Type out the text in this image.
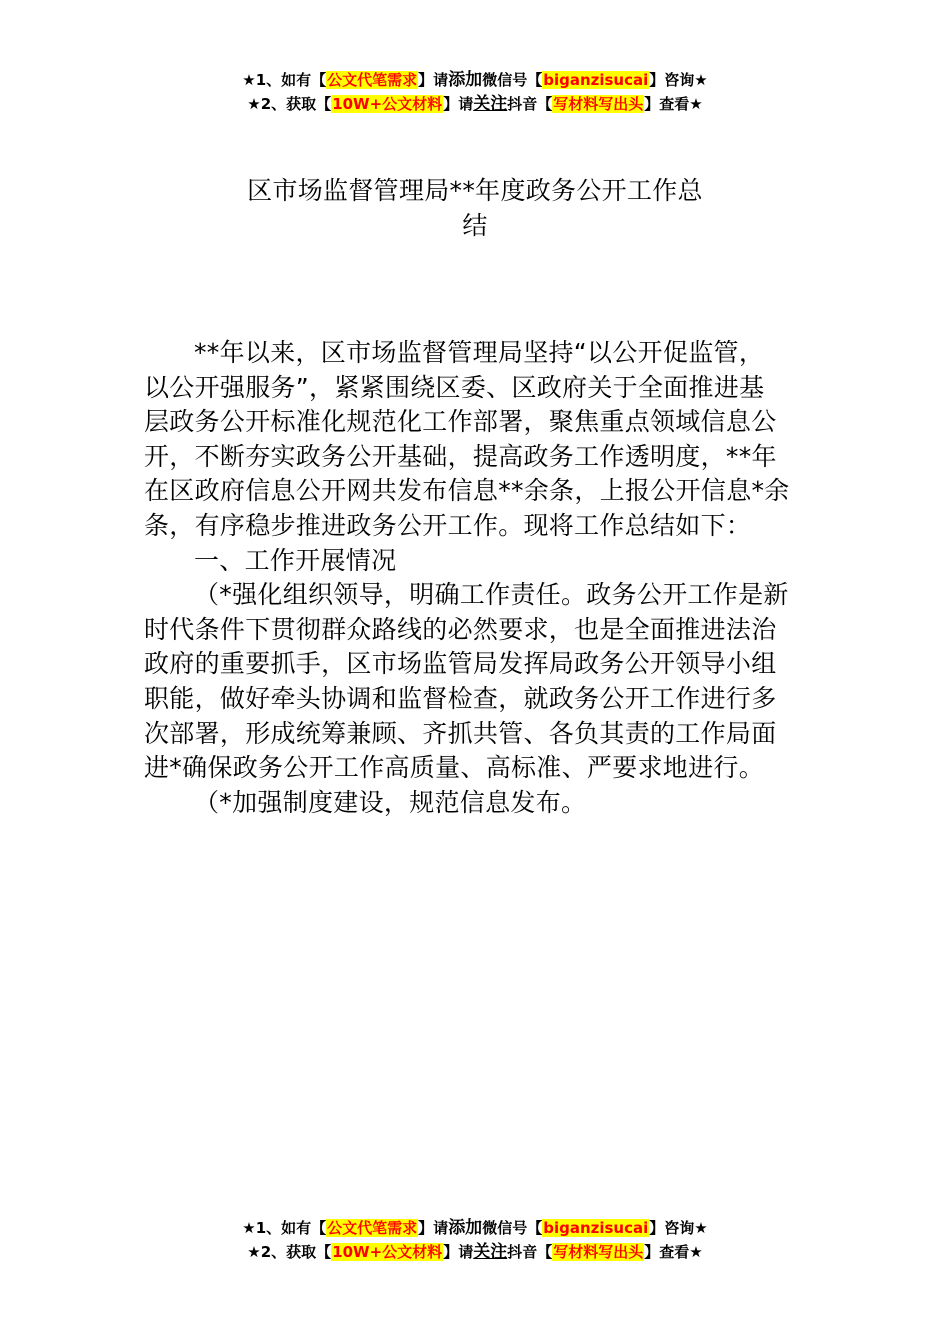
★1、如有【公文代笔需求】请添加微信号【biganzisucai】咨询★
★2、获取【10W+公文材料】请关注抖音【写材料写出头】查看★
区市场监督管理局**年度政务公开工作总
结
**年以来，区市场监督管理局坚持“以公开促监管，
以公开强服务”，紧紧围绕区委、区政府关于全面推进基
层政务公开标准化规范化工作部署，聚焦重点领域信息公
开，不断夯实政务公开基础，提高政务工作透明度，**年
在区政府信息公开网共发布信息**余条，上报公开信息*余
条，有序稳步推进政务公开工作。现将工作总结如下：
一、工作开展情况
（*强化组织领导，明确工作责任。政务公开工作是新
时代条件下贯彻群众路线的必然要求，也是全面推进法治
政府的重要抓手，区市场监管局发挥局政务公开领导小组
职能，做好牵头协调和监督检查，就政务公开工作进行多
次部署，形成统筹兼顾、齐抓共管、各负其责的工作局面
进*确保政务公开工作高质量、高标准、严要求地进行。
（*加强制度建设，规范信息发布。
★1、如有【公文代笔需求】请添加微信号【biganzisucai】咨询★
★2、获取【10W+公文材料】请关注抖音【写材料写出头】查看★
